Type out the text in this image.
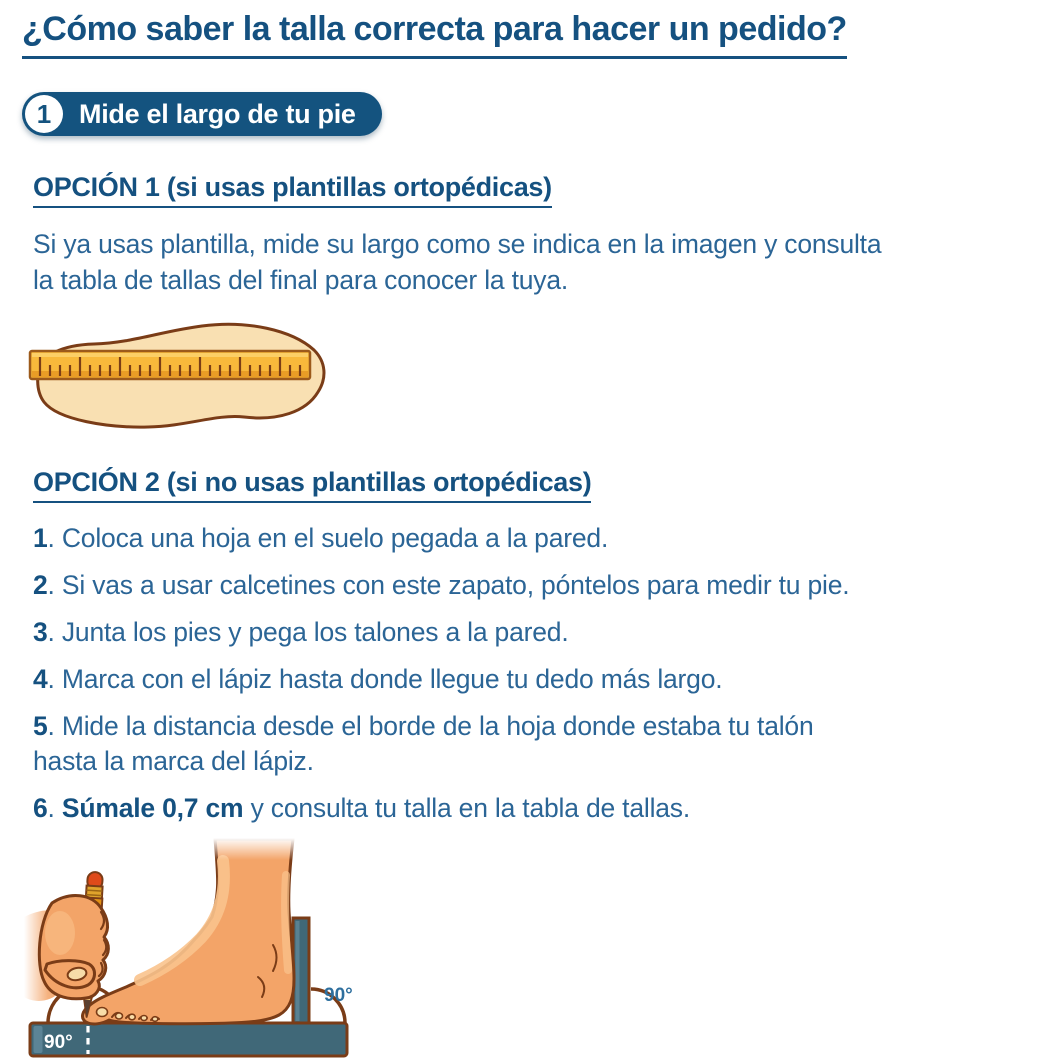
¿Cómo saber la talla correcta para hacer un pedido?

1	Mide el largo de tu pie
OPCIÓN 1 (si usas plantillas ortopédicas)

Si ya usas plantilla, mide su largo como se indica en la imagen y consulta
la tabla de tallas del final para conocer la tuya.

OPCIÓN 2 (si no usas plantillas ortopédicas)
1. Coloca una hoja en el suelo pegada a la pared.
2. Si vas a usar calcetines con este zapato, póntelos para medir tu pie.
3. Junta los pies y pega los talones a la pared.
4. Marca con el lápiz hasta donde llegue tu dedo más largo.
5. Mide la distancia desde el borde de la hoja donde estaba tu talón
hasta la marca del lápiz.
6. Súmale 0,7 cm y consulta tu talla en la tabla de tallas.
90°
90°
